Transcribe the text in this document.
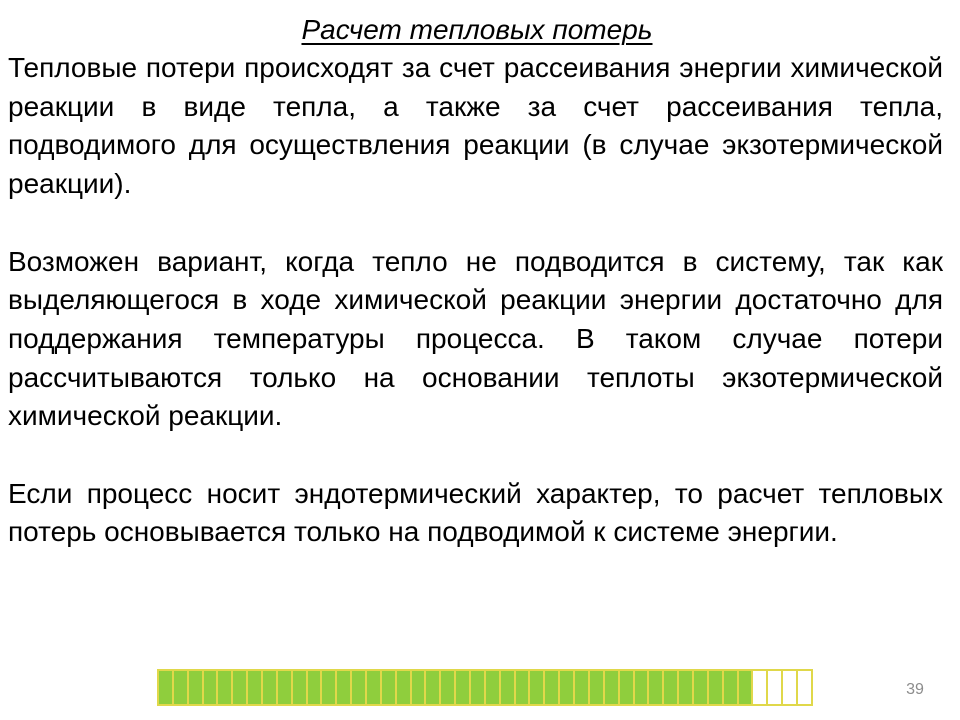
Расчет тепловых потерь

Тепловые потери происходят за счет рассеивания энергии химической реакции в виде тепла, а также за счет рассеивания тепла, подводимого для осуществления реакции (в случае экзотермической реакции).

Возможен вариант, когда тепло не подводится в систему, так как выделяющегося в ходе химической реакции энергии достаточно для поддержания температуры процесса. В таком случае потери рассчитываются только на основании теплоты экзотермической химической реакции.

Если процесс носит эндотермический характер, то расчет тепловых потерь основывается только на подводимой к системе энергии.

39
